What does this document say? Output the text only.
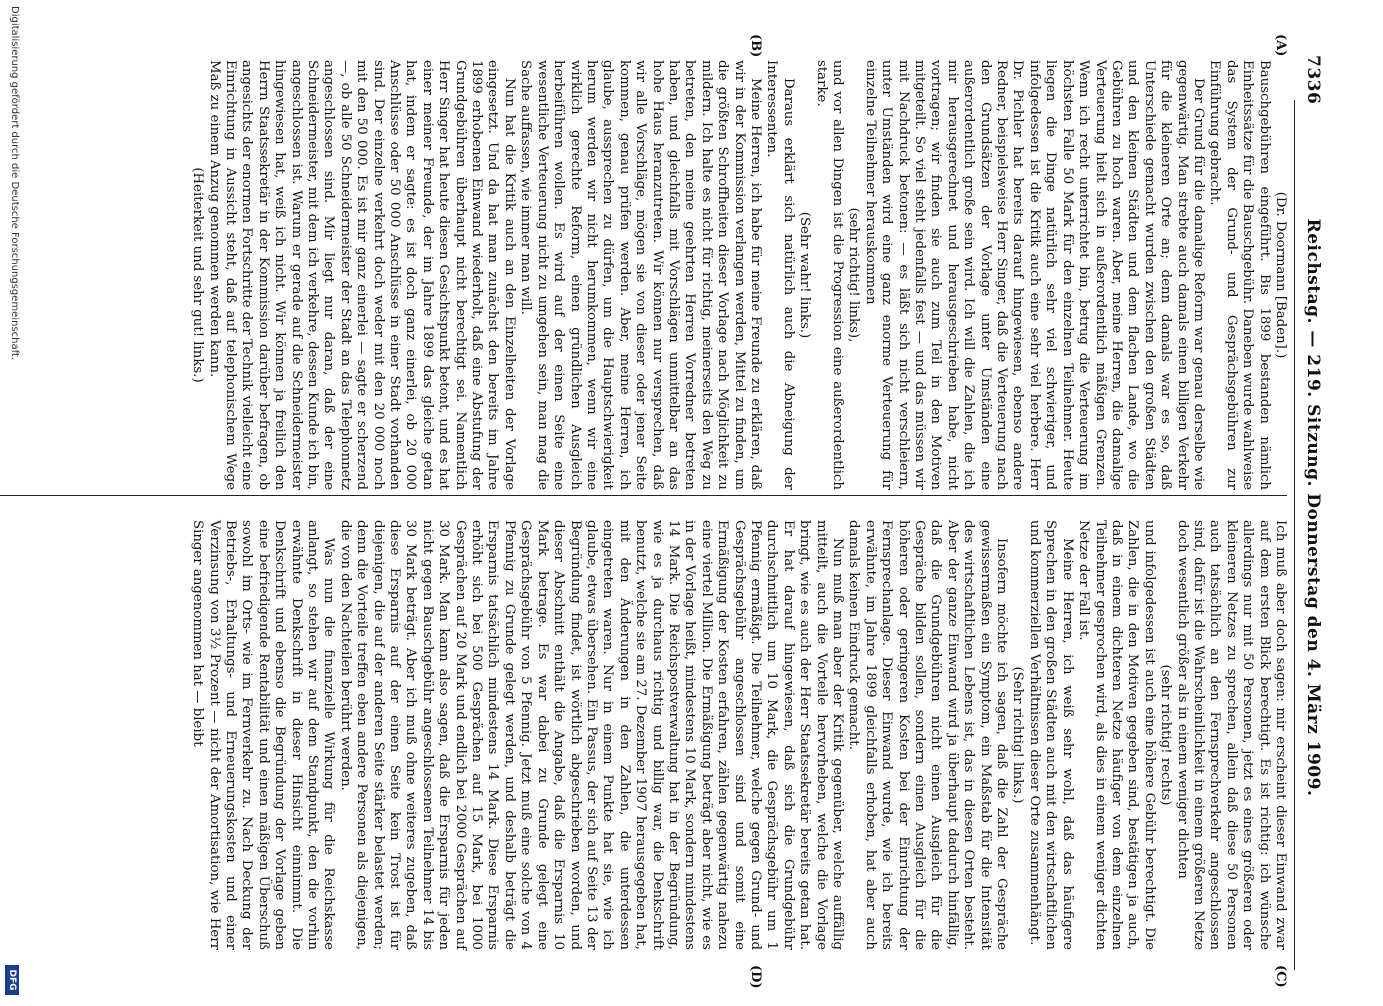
7336
Reichstag. — 219. Sitzung. Donnerstag den 4. März 1909.
(A)
(B)
(C)
(D)

(Dr. Doormann [Baden].)

Bauschgebühren eingeführt. Bis 1899 bestanden nämlich Einheitssätze für die Bauschgebühr. Daneben wurde wahlweise das System der Grund- und Gesprächsgebühren zur Einführung gebracht.

Der Grund für die damalige Reform war genau derselbe wie gegenwärtig. Man strebte auch damals einen billigen Verkehr für die kleineren Orte an; denn damals war es so, daß Unterschiede gemacht wurden zwischen den großen Städten und den kleinen Städten und dem flachen Lande, wo die Gebühren zu hoch waren. Aber, meine Herren, die damalige Verteuerung hielt sich in außerordentlich mäßigen Grenzen. Wenn ich recht unterrichtet bin, betrug die Verteuerung im höchsten Falle 50 Mark für den einzelnen Teilnehmer. Heute liegen die Dinge natürlich sehr viel schwieriger, und infolgedessen ist die Kritik auch eine sehr viel herbere. Herr Dr. Pichler hat bereits darauf hingewiesen, ebenso andere Redner, beispielsweise Herr Singer, daß die Verteuerung nach den Grundsätzen der Vorlage unter Umständen eine außerordentlich große sein wird. Ich will die Zahlen, die ich mir herausgerechnet und herausgeschrieben habe, nicht vortragen; wir finden sie auch zum Teil in den Motiven mitgeteilt. So viel steht jedenfalls fest — und das müssen wir mit Nachdruck betonen: — es läßt sich nicht verschleiern, unter Umständen wird eine ganz enorme Verteuerung für einzelne Teilnehmer herauskommen

(sehr richtig! links),

und vor allen Dingen ist die Progression eine außerordentlich starke.

(Sehr wahr! links.)

Daraus erklärt sich natürlich auch die Abneigung der Interessenten.

Meine Herren, ich habe für meine Freunde zu erklären, daß wir in der Kommission verlangen werden, Mittel zu finden, um die größten Schroffheiten dieser Vorlage nach Möglichkeit zu mildern. Ich halte es nicht für richtig, meinerseits den Weg zu betreten, den meine geehrten Herren Vorredner betreten haben, und gleichfalls mit Vorschlägen unmittelbar an das hohe Haus heranzutreten. Wir können nur versprechen, daß wir alle Vorschläge, mögen sie von dieser oder jener Seite kommen, genau prüfen werden. Aber, meine Herren, ich glaube, aussprechen zu dürfen, um die Hauptschwierigkeit herum werden wir nicht herumkommen, wenn wir eine wirklich gerechte Reform, einen gründlichen Ausgleich herbeiführen wollen. Es wird auf der einen Seite eine wesentliche Verteuerung nicht zu umgehen sein, man mag die Sache auffassen, wie immer man will.

Nun hat die Kritik auch an den Einzelheiten der Vorlage eingesetzt. Und da hat man zunächst den bereits im Jahre 1899 erhobenen Einwand wiederholt, daß eine Abstufung der Grundgebühren überhaupt nicht berechtigt sei. Namentlich Herr Singer hat heute diesen Gesichtspunkt betont, und es hat einer meiner Freunde, der im Jahre 1899 das gleiche getan hat, indem er sagte: es ist doch ganz einerlei, ob 20 000 Anschlüsse oder 50 000 Anschlüsse in einer Stadt vorhanden sind. Der einzelne verkehrt doch weder mit den 20 000 noch mit den 50 000. Es ist mir ganz einerlei — sagte er scherzend —, ob alle 50 Schneidermeister der Stadt an das Telephonnetz angeschlossen sind. Mir liegt nur daran, daß der eine Schneidermeister, mit dem ich verkehre, dessen Kunde ich bin, angeschlossen ist. Warum er gerade auf die Schneidermeister hingewiesen hat, weiß ich nicht. Wir können ja freilich den Herrn Staatssekretär in der Kommission darüber befragen, ob angesichts der enormen Fortschritte der Technik vielleicht eine Einrichtung in Aussicht steht, daß auf telephonischem Wege Maß zu einem Anzug genommen werden kann.

(Heiterkeit und sehr gut! links.)

Ich muß aber doch sagen: mir erscheint dieser Einwand zwar auf dem ersten Blick berechtigt. Es ist richtig: ich wünsche allerdings nur mit 50 Personen, jetzt es eines größeren oder kleineren Netzes zu sprechen, allein daß diese 50 Personen auch tatsächlich an den Fernsprechverkehr angeschlossen sind, dafür ist die Wahrscheinlichkeit in einem größeren Netze doch wesentlich größer als in einem weniger dichten

(sehr richtig! rechts)

und infolgedessen ist auch eine höhere Gebühr berechtigt. Die Zahlen, die in den Motiven gegeben sind, bestätigen ja auch, daß in einem dichteren Netze häufiger von dem einzelnen Teilnehmer gesprochen wird, als dies in einem weniger dichten Netze der Fall ist.

Meine Herren, ich weiß sehr wohl, daß das häufigere Sprechen in den großen Städten auch mit den wirtschaftlichen und kommerziellen Verhältnissen dieser Orte zusammenhängt.

(Sehr richtig! links.)

Insofern möchte ich sagen, daß die Zahl der Gespräche gewissermaßen ein Symptom, ein Maßstab für die Intensität des wirtschaftlichen Lebens ist, das in diesen Orten besteht. Aber der ganze Einwand wird ja überhaupt dadurch hinfällig, daß die Grundgebühren nicht einen Ausgleich für die Gespräche bilden sollen, sondern einen Ausgleich für die höheren oder geringeren Kosten bei der Einrichtung der Fernsprechanlage. Dieser Einwand wurde, wie ich bereits erwähnte, im Jahre 1899 gleichfalls erhoben, hat aber auch damals keinen Eindruck gemacht.

Nun muß man aber der Kritik gegenüber, welche auffällig mitteilt, auch die Vorteile hervorheben, welche die Vorlage bringt, wie es auch der Herr Staatssekretär bereits getan hat. Er hat darauf hingewiesen, daß sich die Grundgebühr durchschnittlich um 10 Mark, die Gesprächsgebühr um 1 Pfennig ermäßigt. Die Teilnehmer, welche gegen Grund- und Gesprächsgebühr angeschlossen sind und somit eine Ermäßigung der Kosten erfahren, zählen gegenwärtig nahezu eine viertel Million. Die Ermäßigung beträgt aber nicht, wie es in der Vorlage heißt, mindestens 10 Mark, sondern mindestens 14 Mark. Die Reichspostverwaltung hat in der Begründung, wie es ja durchaus richtig und billig war, die Denkschrift benutzt, welche sie am 27. Dezember 1907 herausgegeben hat, mit den Änderungen in den Zahlen, die unterdessen eingetreten waren. Nur in einem Punkte hat sie, wie ich glaube, etwas übersehen. Ein Passus, der sich auf Seite 13 der Begründung findet, ist wörtlich abgeschrieben worden, und dieser Abschnitt enthält die Angabe, daß die Ersparnis 10 Mark betrage. Es war dabei zu Grunde gelegt eine Gesprächsgebühr von 5 Pfennig. Jetzt muß eine solche von 4 Pfennig zu Grunde gelegt werden, und deshalb beträgt die Ersparnis tatsächlich mindestens 14 Mark. Diese Ersparnis erhöht sich bei 500 Gesprächen auf 15 Mark, bei 1000 Gesprächen auf 20 Mark und endlich bei 2000 Gesprächen auf 30 Mark. Man kann also sagen, daß die Ersparnis für jeden nicht gegen Bauschgebühr angeschlossenen Teilnehmer 14 bis 30 Mark beträgt. Aber ich muß ohne weiteres zugeben, daß diese Ersparnis auf der einen Seite kein Trost ist für diejenigen, die auf der anderen Seite stärker belastet werden; denn die Vorteile treffen eben andere Personen als diejenigen, die von den Nachteilen berührt werden.

Was nun die finanzielle Wirkung für die Reichskasse anlangt, so stehen wir auf dem Standpunkt, den die vorhin erwähnte Denkschrift in dieser Hinsicht einnimmt. Die Denkschrift und ebenso die Begründung der Vorlage geben eine befriedigende Rentabilität und einen mäßigen Überschuß sowohl im Orts- wie im Fernverkehr zu. Nach Deckung der Betriebs-, Erhaltungs- und Erneuerungskosten und einer Verzinsung von 3½ Prozent — nicht der Amortisation, wie Herr Singer angenommen hat — bleibt

Digitalisierung gefördert durch die Deutsche Forschungsgemeinschaft.
DFG
